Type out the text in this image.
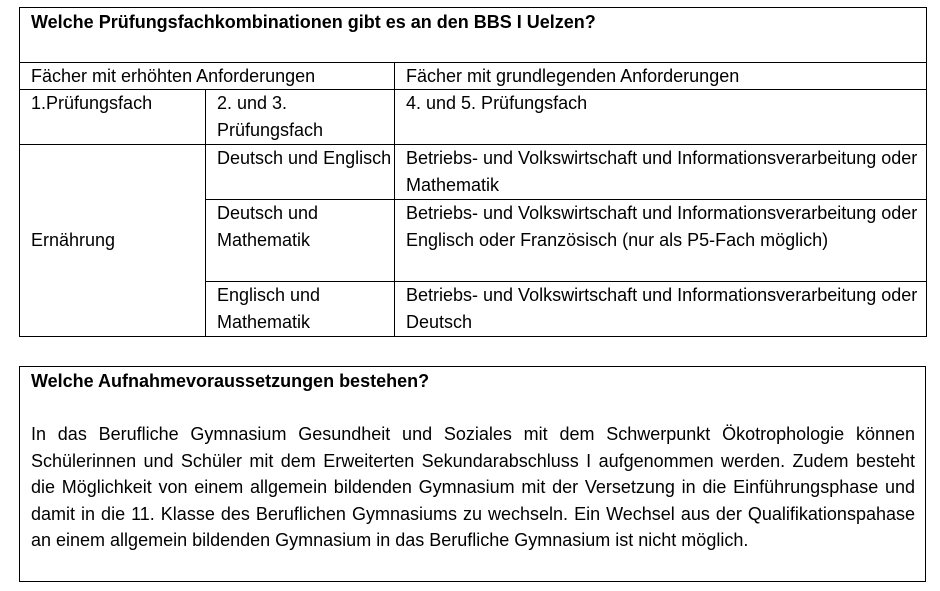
Welche Prüfungsfachkombinationen gibt es an den BBS I Uelzen?		
Fächer mit erhöhten Anforderungen		Fächer mit grundlegenden Anforderungen
1.Prüfungsfach	2. und 3. Prüfungsfach	4. und 5. Prüfungsfach
Ernährung	Deutsch und Englisch	Betriebs- und Volkswirtschaft und Informationsverarbeitung oder Mathematik
	Deutsch und Mathematik	Betriebs- und Volkswirtschaft und Informationsverarbeitung oder Englisch oder Französisch (nur als P5-Fach möglich)
	Englisch und Mathematik	Betriebs- und Volkswirtschaft und Informationsverarbeitung oder Deutsch

Welche Aufnahmevoraussetzungen bestehen?

In das Berufliche Gymnasium Gesundheit und Soziales mit dem Schwerpunkt Ökotrophologie können Schülerinnen und Schüler mit dem Erweiterten Sekundarabschluss I aufgenommen werden. Zudem besteht die Möglichkeit von einem allgemein bildenden Gymnasium mit der Versetzung in die Einführungsphase und damit in die 11. Klasse des Beruflichen Gymnasiums zu wechseln. Ein Wechsel aus der Qualifikationspahase an einem allgemein bildenden Gymnasium in das Berufliche Gymnasium ist nicht möglich.
